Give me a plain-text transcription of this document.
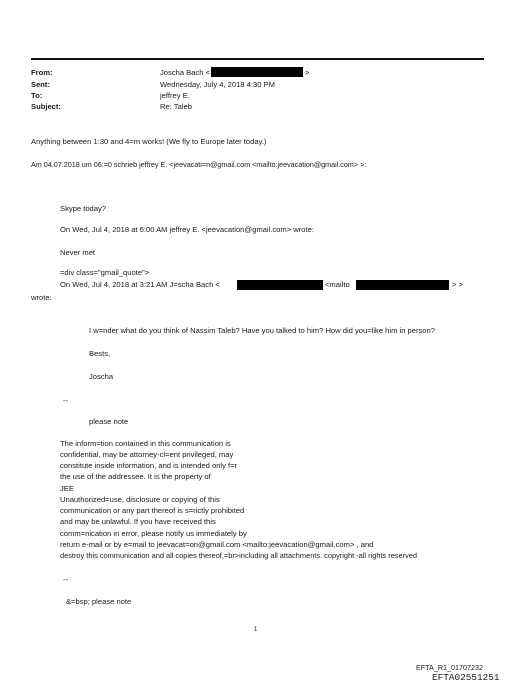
From:	Joscha Bach <	>
Sent:	Wednesday, July 4, 2018 4:30 PM
To:	jeffrey E.
Subject:	Re: Taleb
Anything between 1:30 and 4=m works! (We fly to Europe later today.)
Am 04.07.2018 um 06:=0 schrieb jeffrey E. <jeevacati=n@gmail.com <mailto:jeevacation@gmail.com> >:
Skype today?
On Wed, Jul 4, 2018 at 6:00 AM jeffrey E. <jeevacation@gmail.com> wrote:
Never met
=div class="gmail_quote">
On Wed, Jul 4, 2018 at 3:21 AM J=scha Bach <	<mailto	> >
wrote:
I w=nder what do you think of Nassim Taleb? Have you talked to him? How did you=like him in person?
Bests,
Joscha
--
please note
The inform=tion contained in this communication is
confidential, may be attorney-cl=ent privileged, may
constitute inside information, and is intended only f=r
the use of the addressee. It is the property of
JEE
Unauthorized=use, disclosure or copying of this
communication or any part thereof is s=rictly prohibited
and may be unlawful. If you have received this
comm=nication in error, please notify us immediately by
return e-mail or by e=mail to jeevacat=on@gmail.com <mailto:jeevacation@gmail.com> , and
destroy this communication and all copies thereof,=br>including all attachments. copyright -all rights reserved
--
&=bsp; please note
1
EFTA_R1_01707232
EFTA02551251
